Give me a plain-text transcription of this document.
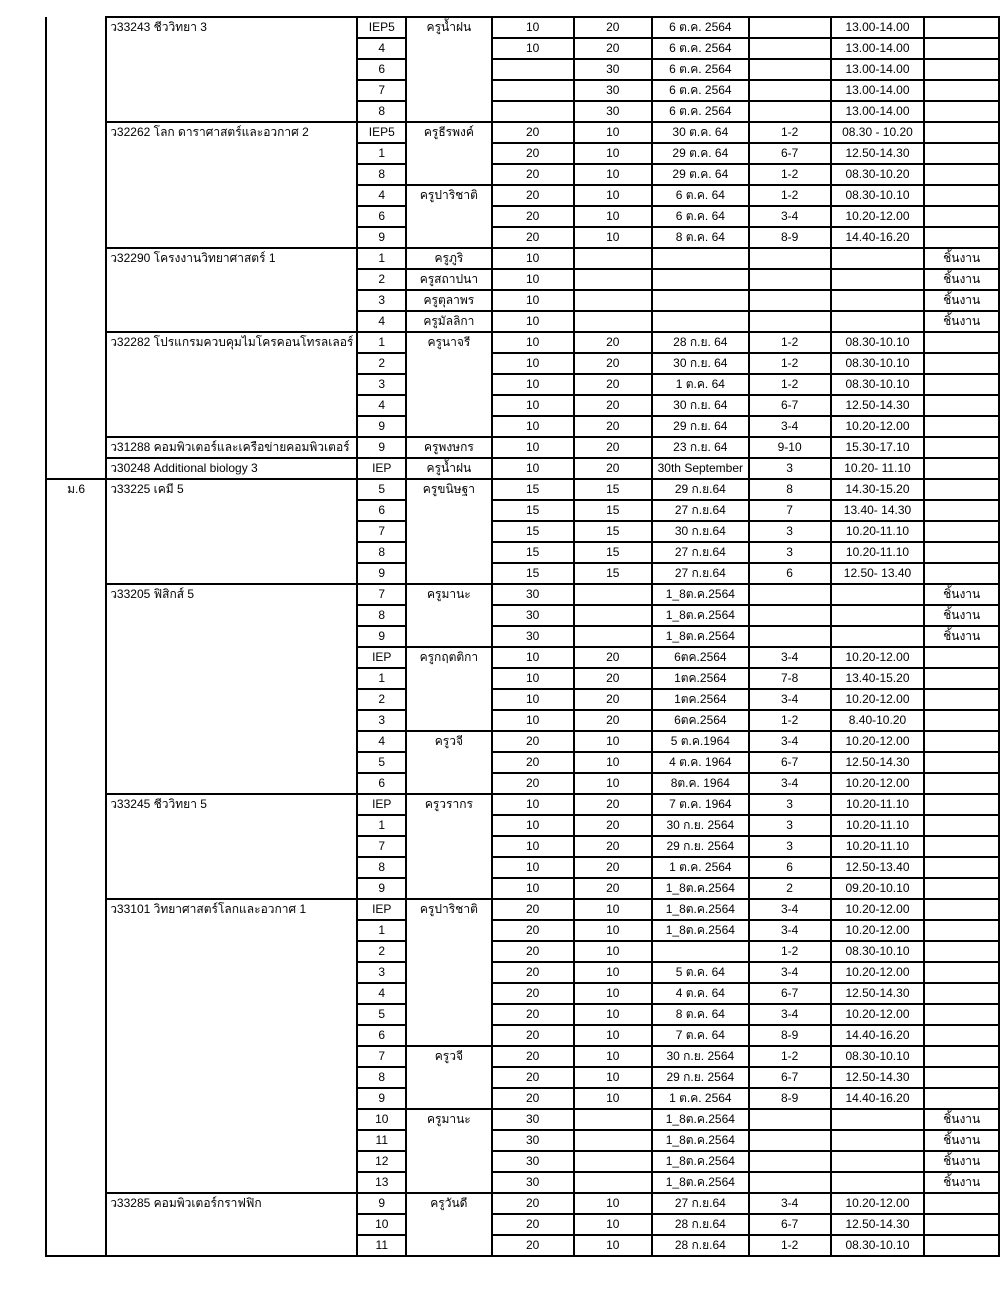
	ว33243 ชีววิทยา 3	IEP5	ครูน้ำฝน	10	20	6 ต.ค. 2564		13.00-14.00	
		4		10	20	6 ต.ค. 2564		13.00-14.00	
		6			30	6 ต.ค. 2564		13.00-14.00	
		7			30	6 ต.ค. 2564		13.00-14.00	
		8			30	6 ต.ค. 2564		13.00-14.00	
	ว32262 โลก ดาราศาสตร์และอวกาศ 2	IEP5	ครูธีรพงค์	20	10	30 ต.ค. 64	1-2	08.30 - 10.20	
		1		20	10	29 ต.ค. 64	6-7	12.50-14.30	
		8		20	10	29 ต.ค. 64	1-2	08.30-10.20	
		4	ครูปาริชาติ	20	10	6 ต.ค. 64	1-2	08.30-10.10	
		6		20	10	6 ต.ค. 64	3-4	10.20-12.00	
		9		20	10	8 ต.ค. 64	8-9	14.40-16.20	
	ว32290 โครงงานวิทยาศาสตร์ 1	1	ครูภูริ	10					ชิ้นงาน
		2	ครูสถาปนา	10					ชิ้นงาน
		3	ครูตุลาพร	10					ชิ้นงาน
		4	ครูมัลลิกา	10					ชิ้นงาน
	ว32282 โปรแกรมควบคุมไมโครคอนโทรลเลอร์	1	ครูนาจรี	10	20	28 ก.ย. 64	1-2	08.30-10.10	
		2		10	20	30 ก.ย. 64	1-2	08.30-10.10	
		3		10	20	1 ต.ค. 64	1-2	08.30-10.10	
		4		10	20	30 ก.ย. 64	6-7	12.50-14.30	
		9		10	20	29 ก.ย. 64	3-4	10.20-12.00	
	ว31288 คอมพิวเตอร์และเครือข่ายคอมพิวเตอร์	9	ครูพงษกร	10	20	23 ก.ย. 64	9-10	15.30-17.10	
	ว30248 Additional biology 3	IEP	ครูน้ำฝน	10	20	30th September	3	10.20- 11.10	
ม.6	ว33225 เคมี 5	5	ครูขนิษฐา	15	15	29 ก.ย.64	8	14.30-15.20	
		6		15	15	27 ก.ย.64	7	13.40- 14.30	
		7		15	15	30 ก.ย.64	3	10.20-11.10	
		8		15	15	27 ก.ย.64	3	10.20-11.10	
		9		15	15	27 ก.ย.64	6	12.50- 13.40	
	ว33205 ฟิสิกส์ 5	7	ครูมานะ	30		1_8ต.ค.2564			ชิ้นงาน
		8		30		1_8ต.ค.2564			ชิ้นงาน
		9		30		1_8ต.ค.2564			ชิ้นงาน
		IEP	ครูกฤตติกา	10	20	6ตค.2564	3-4	10.20-12.00	
		1		10	20	1ตค.2564	7-8	13.40-15.20	
		2		10	20	1ตค.2564	3-4	10.20-12.00	
		3		10	20	6ตค.2564	1-2	8.40-10.20	
		4	ครูวจี	20	10	5 ต.ค.1964	3-4	10.20-12.00	
		5		20	10	4 ต.ค. 1964	6-7	12.50-14.30	
		6		20	10	8ต.ค. 1964	3-4	10.20-12.00	
	ว33245 ชีววิทยา 5	IEP	ครูวรากร	10	20	7 ต.ค. 1964	3	10.20-11.10	
		1		10	20	30 ก.ย. 2564	3	10.20-11.10	
		7		10	20	29 ก.ย. 2564	3	10.20-11.10	
		8		10	20	1 ต.ค. 2564	6	12.50-13.40	
		9		10	20	1_8ต.ค.2564	2	09.20-10.10	
	ว33101 วิทยาศาสตร์โลกและอวกาศ 1	IEP	ครูปาริชาติ	20	10	1_8ต.ค.2564	3-4	10.20-12.00	
		1		20	10	1_8ต.ค.2564	3-4	10.20-12.00	
		2		20	10		1-2	08.30-10.10	
		3		20	10	5 ต.ค. 64	3-4	10.20-12.00	
		4		20	10	4 ต.ค. 64	6-7	12.50-14.30	
		5		20	10	8 ต.ค. 64	3-4	10.20-12.00	
		6		20	10	7 ต.ค. 64	8-9	14.40-16.20	
		7	ครูวจี	20	10	30 ก.ย. 2564	1-2	08.30-10.10	
		8		20	10	29 ก.ย. 2564	6-7	12.50-14.30	
		9		20	10	1 ต.ค. 2564	8-9	14.40-16.20	
		10	ครูมานะ	30		1_8ต.ค.2564			ชิ้นงาน
		11		30		1_8ต.ค.2564			ชิ้นงาน
		12		30		1_8ต.ค.2564			ชิ้นงาน
		13		30		1_8ต.ค.2564			ชิ้นงาน
	ว33285 คอมพิวเตอร์กราฟฟิก	9	ครูวันดี	20	10	27 ก.ย.64	3-4	10.20-12.00	
		10		20	10	28 ก.ย.64	6-7	12.50-14.30	
		11		20	10	28 ก.ย.64	1-2	08.30-10.10	
